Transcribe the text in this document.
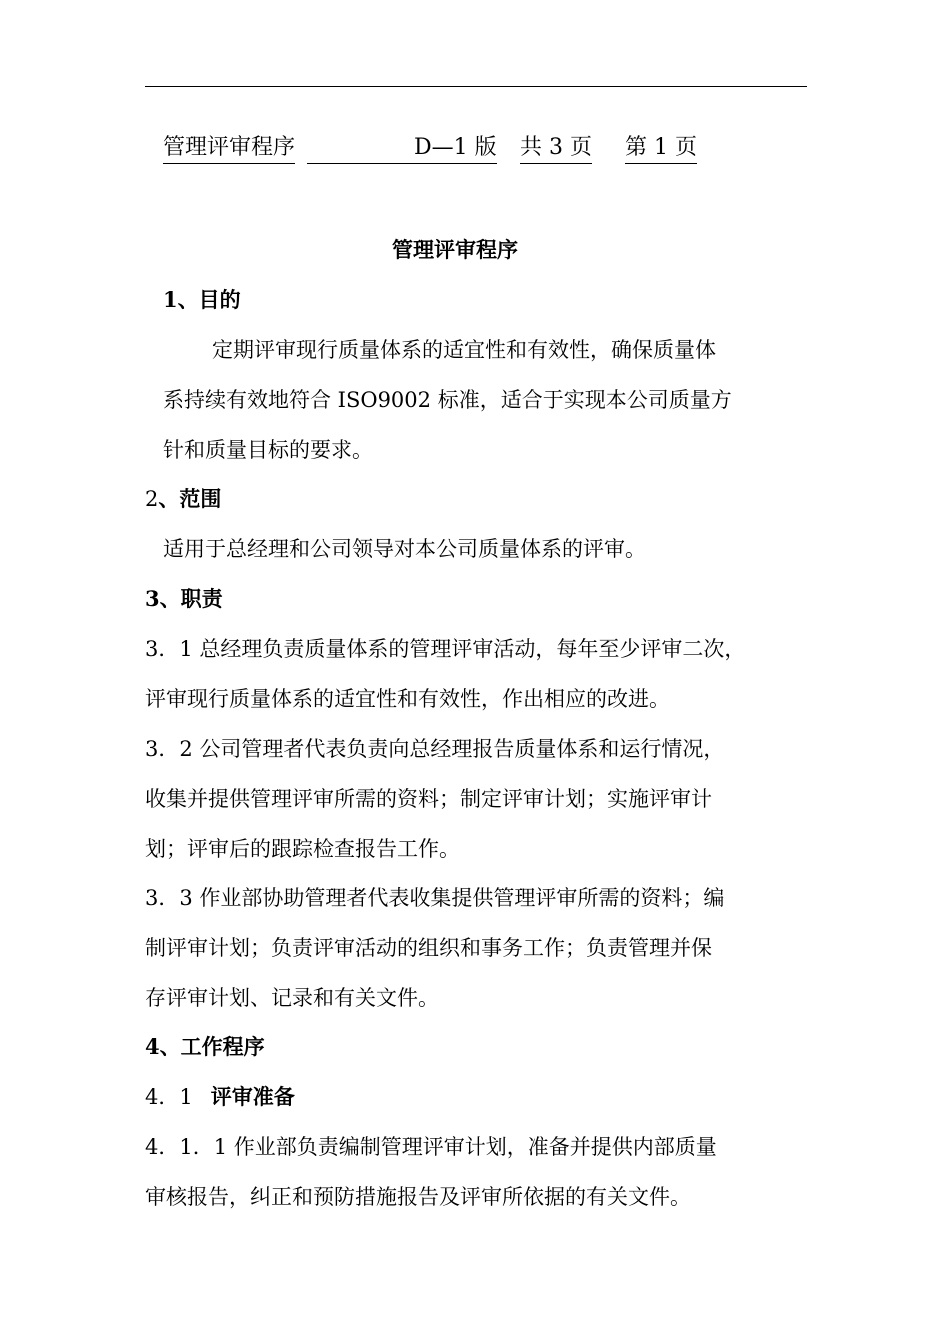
管理评审程序	D—1 版 共 3 页 第 1 页
管理评审程序
1、目的
定期评审现行质量体系的适宜性和有效性，确保质量体
系持续有效地符合 ISO9002 标准，适合于实现本公司质量方
针和质量目标的要求。
2、范围
适用于总经理和公司领导对本公司质量体系的评审。
3、职责
3．1 总经理负责质量体系的管理评审活动，每年至少评审二次，
评审现行质量体系的适宜性和有效性，作出相应的改进。
3．2 公司管理者代表负责向总经理报告质量体系和运行情况，
收集并提供管理评审所需的资料；制定评审计划；实施评审计
划；评审后的跟踪检查报告工作。
3．3 作业部协助管理者代表收集提供管理评审所需的资料；编
制评审计划；负责评审活动的组织和事务工作；负责管理并保
存评审计划、记录和有关文件。
4、工作程序
4．1 评审准备
4．1．1 作业部负责编制管理评审计划，准备并提供内部质量
审核报告，纠正和预防措施报告及评审所依据的有关文件。
